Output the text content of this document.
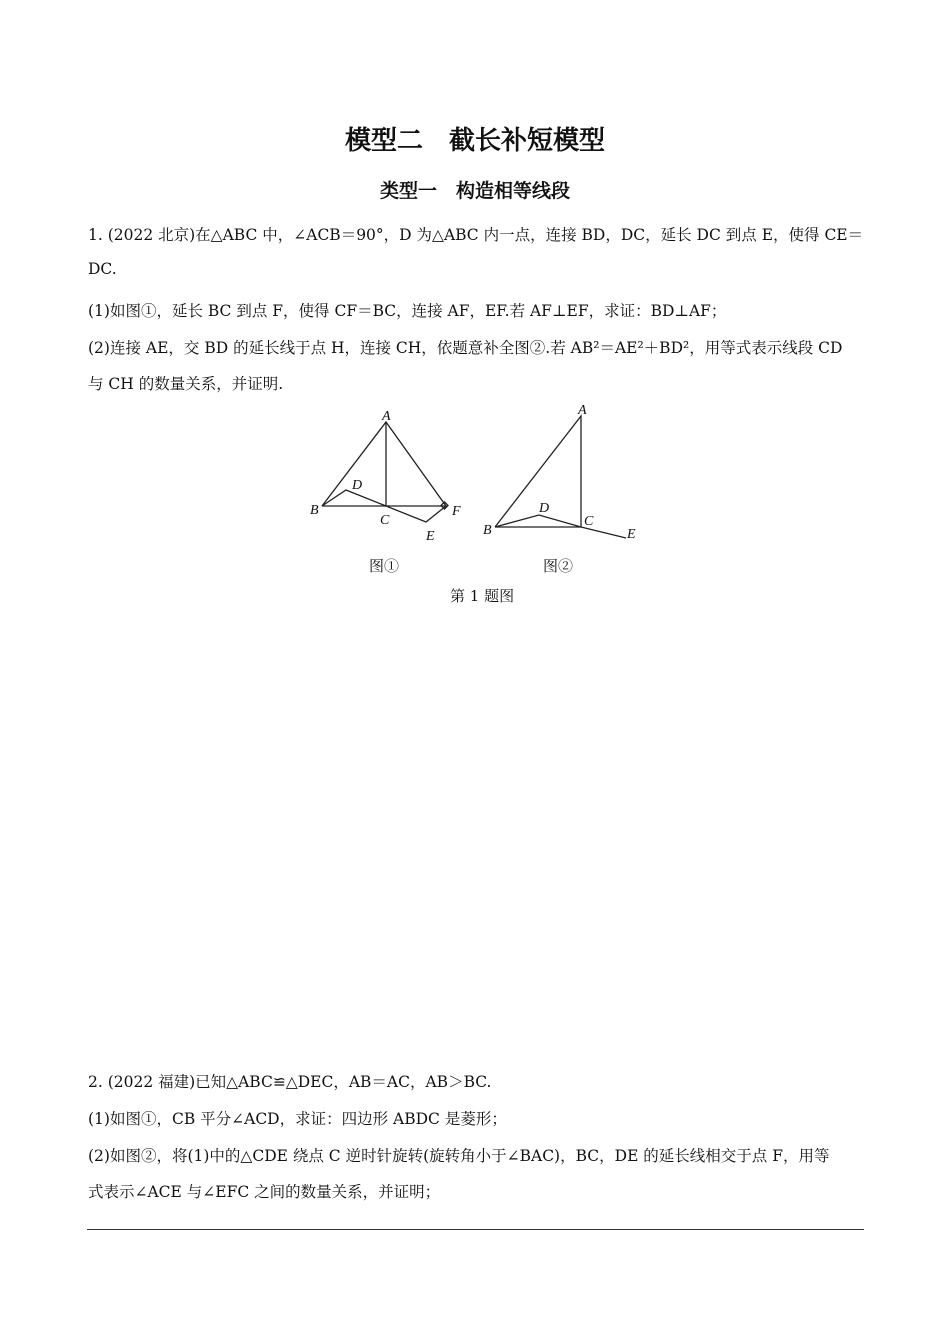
模型二　截长补短模型
类型一　构造相等线段
1. (2022 北京)在△ABC 中，∠ACB＝90°，D 为△ABC 内一点，连接 BD，DC，延长 DC 到点 E，使得 CE＝
DC.
(1)如图①，延长 BC 到点 F，使得 CF＝BC，连接 AF，EF.若 AF⊥EF，求证：BD⊥AF；
(2)连接 AE，交 BD 的延长线于点 H，连接 CH，依题意补全图②.若 AB²＝AE²＋BD²，用等式表示线段 CD
与 CH 的数量关系，并证明.
A
B
C
D
E
F
A
B
C
D
E
图①	图②
第 1 题图
2. (2022 福建)已知△ABC≌△DEC，AB＝AC，AB＞BC.
(1)如图①，CB 平分∠ACD，求证：四边形 ABDC 是菱形；
(2)如图②，将(1)中的△CDE 绕点 C 逆时针旋转(旋转角小于∠BAC)，BC，DE 的延长线相交于点 F，用等
式表示∠ACE 与∠EFC 之间的数量关系，并证明；
